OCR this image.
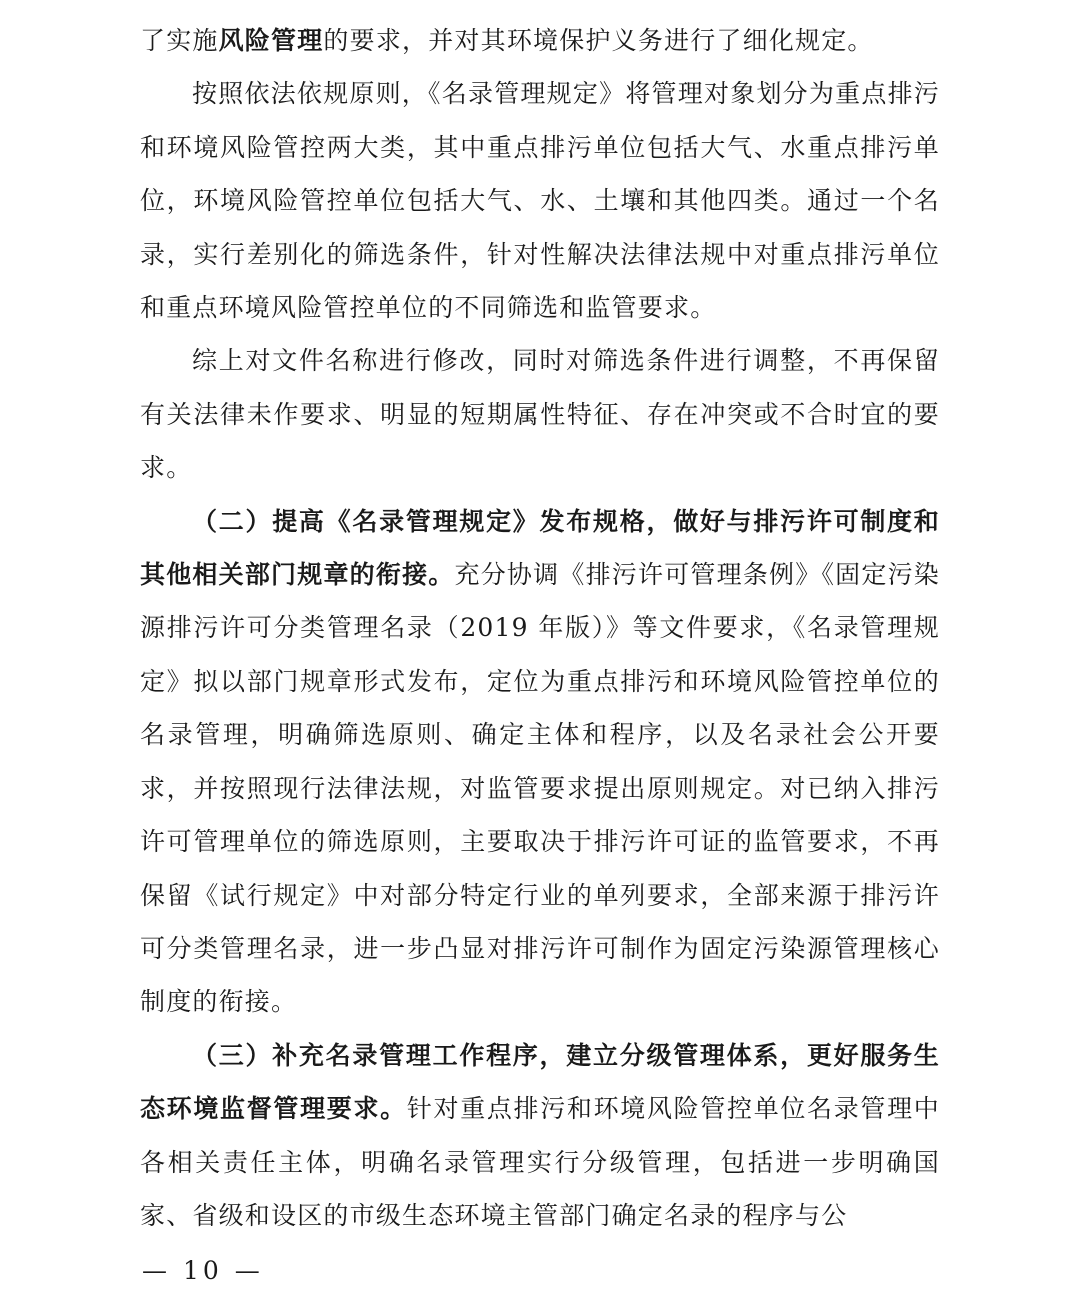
了实施风险管理的要求，并对其环境保护义务进行了细化规定。

按照依法依规原则，《名录管理规定》将管理对象划分为重点排污和环境风险管控两大类，其中重点排污单位包括大气、水重点排污单位，环境风险管控单位包括大气、水、土壤和其他四类。通过一个名录，实行差别化的筛选条件，针对性解决法律法规中对重点排污单位和重点环境风险管控单位的不同筛选和监管要求。

综上对文件名称进行修改，同时对筛选条件进行调整，不再保留有关法律未作要求、明显的短期属性特征、存在冲突或不合时宜的要求。

（二）提高《名录管理规定》发布规格，做好与排污许可制度和其他相关部门规章的衔接。充分协调《排污许可管理条例》《固定污染源排污许可分类管理名录（2019 年版）》等文件要求，《名录管理规定》拟以部门规章形式发布，定位为重点排污和环境风险管控单位的名录管理，明确筛选原则、确定主体和程序，以及名录社会公开要求，并按照现行法律法规，对监管要求提出原则规定。对已纳入排污许可管理单位的筛选原则，主要取决于排污许可证的监管要求，不再保留《试行规定》中对部分特定行业的单列要求，全部来源于排污许可分类管理名录，进一步凸显对排污许可制作为固定污染源管理核心制度的衔接。

（三）补充名录管理工作程序，建立分级管理体系，更好服务生态环境监督管理要求。针对重点排污和环境风险管控单位名录管理中各相关责任主体，明确名录管理实行分级管理，包括进一步明确国家、省级和设区的市级生态环境主管部门确定名录的程序与公

— 10 —
